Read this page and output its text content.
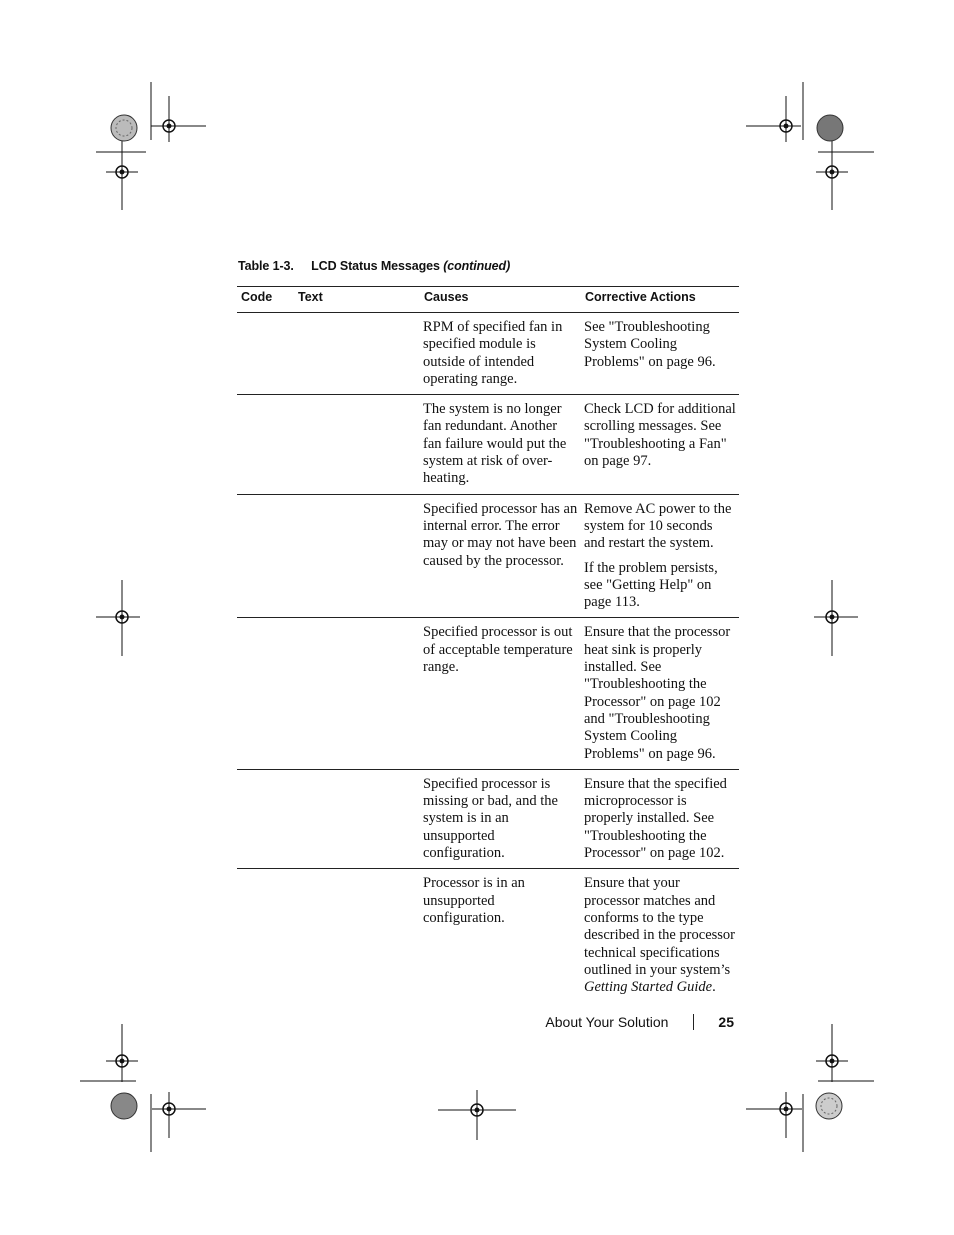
Table 1-3. LCD Status Messages (continued)
Code	Text	Causes	Corrective Actions
		RPM of specified fan in specified module is outside of intended operating range.	See "Troubleshooting System Cooling Problems" on page 96.

		The system is no longer fan redundant. Another fan failure would put the system at risk of over-heating.	Check LCD for additional scrolling messages. See "Troubleshooting a Fan" on page 97.

		Specified processor has an internal error. The error may or may not have been caused by the processor.	Remove AC power to the system for 10 seconds and restart the system.
If the problem persists, see "Getting Help" on page 113.

		Specified processor is out of acceptable temperature range.	Ensure that the processor heat sink is properly installed. See "Troubleshooting the Processor" on page 102 and "Troubleshooting System Cooling Problems" on page 96.

		Specified processor is missing or bad, and the system is in an unsupported configuration.	Ensure that the specified microprocessor is properly installed. See "Troubleshooting the Processor" on page 102.

		Processor is in an unsupported configuration.	Ensure that your processor matches and conforms to the type described in the processor technical specifications outlined in your system’s Getting Started Guide.
About Your Solution	25
